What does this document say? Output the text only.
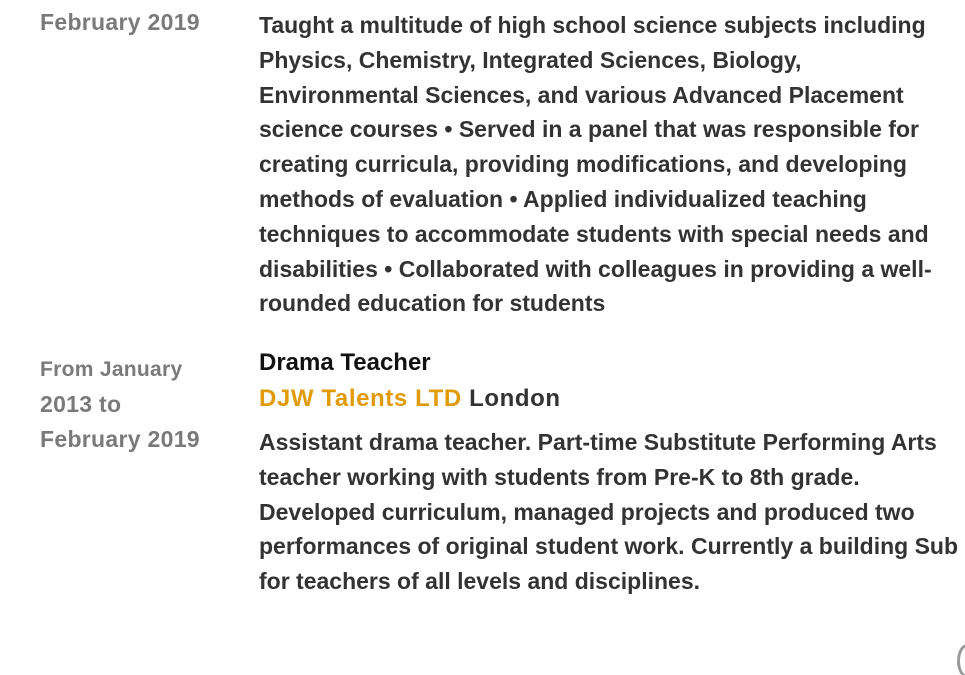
February 2019	Taught a multitude of high school science subjects including Physics, Chemistry, Integrated Sciences, Biology, Environmental Sciences, and various Advanced Placement science courses • Served in a panel that was responsible for creating curricula, providing modifications, and developing methods of evaluation • Applied individualized teaching techniques to accommodate students with special needs and disabilities • Collaborated with colleagues in providing a well-rounded education for students

From January
2013 to
February 2019
Drama Teacher
DJW Talents LTD London

Assistant drama teacher. Part-time Substitute Performing Arts teacher working with students from Pre-K to 8th grade. Developed curriculum, managed projects and produced two performances of original student work. Currently a building Sub for teachers of all levels and disciplines.
